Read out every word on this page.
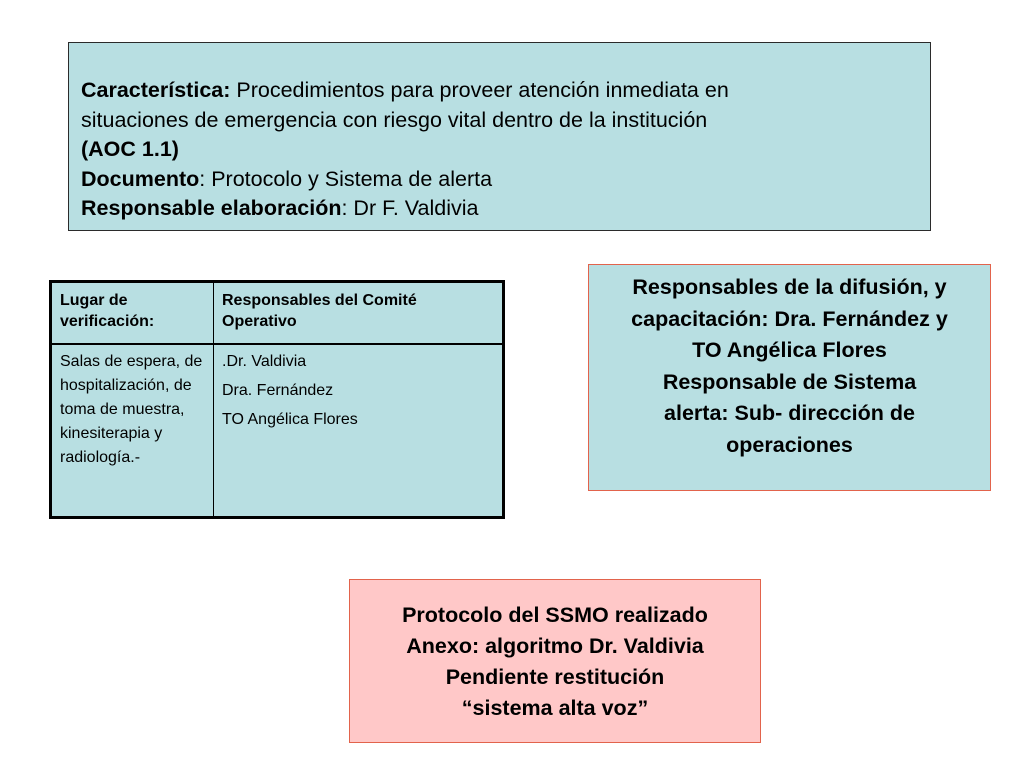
Característica: Procedimientos para proveer atención inmediata en
situaciones de emergencia con riesgo vital dentro de la institución
(AOC 1.1)
Documento: Protocolo y Sistema de alerta
Responsable elaboración: Dr F. Valdivia
Lugar de verificación:	Responsables del Comité Operativo
Salas de espera, de hospitalización, de toma de muestra, kinesiterapia y radiología.-	.Dr. Valdivia
Dra. Fernández
TO Angélica Flores
Responsables de la difusión, y
capacitación: Dra. Fernández y
TO Angélica Flores
Responsable de Sistema
alerta: Sub- dirección de
operaciones
Protocolo del SSMO realizado
Anexo: algoritmo Dr. Valdivia
Pendiente restitución
“sistema alta voz”
